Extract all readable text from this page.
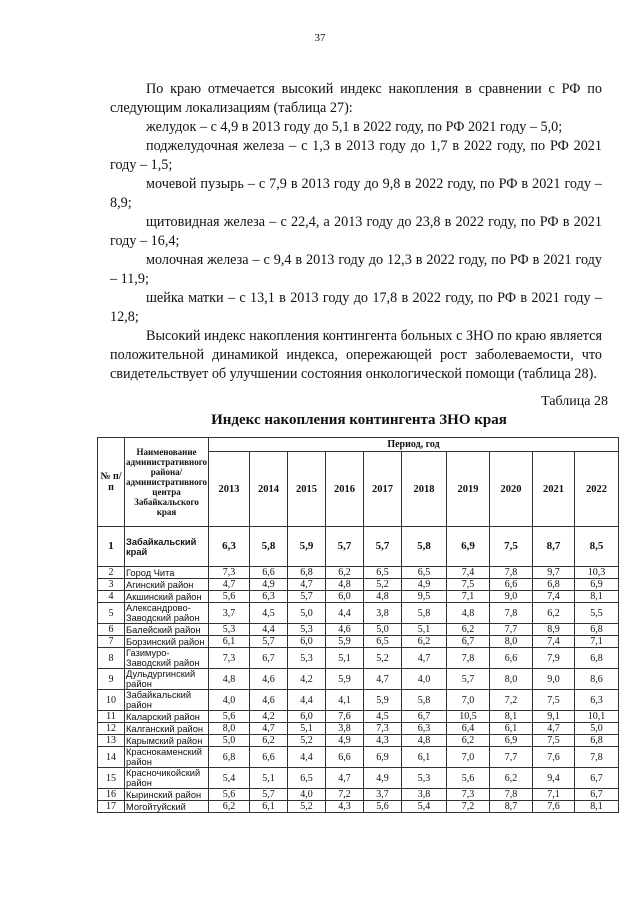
37

По краю отмечается высокий индекс накопления в сравнении с РФ по следующим локализациям (таблица 27):

желудок – с 4,9 в 2013 году до 5,1 в 2022 году, по РФ 2021 году – 5,0;

поджелудочная железа – с 1,3 в 2013 году до 1,7 в 2022 году, по РФ 2021 году – 1,5;

мочевой пузырь – с 7,9 в 2013 году до 9,8 в 2022 году, по РФ в 2021 году – 8,9;

щитовидная железа – с 22,4, а 2013 году до 23,8 в 2022 году, по РФ в 2021 году – 16,4;

молочная железа – с 9,4 в 2013 году до 12,3 в 2022 году, по РФ в 2021 году – 11,9;

шейка матки – с 13,1 в 2013 году до 17,8 в 2022 году, по РФ в 2021 году – 12,8;

Высокий индекс накопления контингента больных с ЗНО по краю является положительной динамикой индекса, опережающей рост заболеваемости, что свидетельствует об улучшении состояния онкологической помощи (таблица 28).

Таблица 28
Индекс накопления контингента ЗНО края
№ п/п	Наименование административного района/ административного центра Забайкальского края	Период, год									
		2013	2014	2015	2016	2017	2018	2019	2020	2021	2022
1	Забайкальский край	6,3	5,8	5,9	5,7	5,7	5,8	6,9	7,5	8,7	8,5
2	Город Чита	7,3	6,6	6,8	6,2	6,5	6,5	7,4	7,8	9,7	10,3
3	Агинский район	4,7	4,9	4,7	4,8	5,2	4,9	7,5	6,6	6,8	6,9
4	Акшинский район	5,6	6,3	5,7	6,0	4,8	9,5	7,1	9,0	7,4	8,1
5	Александрово-Заводский район	3,7	4,5	5,0	4,4	3,8	5,8	4,8	7,8	6,2	5,5
6	Балейский район	5,3	4,4	5,3	4,6	5,0	5,1	6,2	7,7	8,9	6,8
7	Борзинский район	6,1	5,7	6,0	5,9	6,5	6,2	6,7	8,0	7,4	7,1
8	Газимуро-Заводский район	7,3	6,7	5,3	5,1	5,2	4,7	7,8	6,6	7,9	6,8
9	Дульдургинский район	4,8	4,6	4,2	5,9	4,7	4,0	5,7	8,0	9,0	8,6
10	Забайкальский район	4,0	4,6	4,4	4,1	5,9	5,8	7,0	7,2	7,5	6,3
11	Каларский район	5,6	4,2	6,0	7,6	4,5	6,7	10,5	8,1	9,1	10,1
12	Калганский район	8,0	4,7	5,1	3,8	7,3	6,3	6,4	6,1	4,7	5,0
13	Карымский район	5,0	6,2	5,2	4,9	4,3	4,8	6,2	6,9	7,5	6,8
14	Краснокаменский район	6,8	6,6	4,4	6,6	6,9	6,1	7,0	7,7	7,6	7,8
15	Красночикойский район	5,4	5,1	6,5	4,7	4,9	5,3	5,6	6,2	9,4	6,7
16	Кыринский район	5,6	5,7	4,0	7,2	3,7	3,8	7,3	7,8	7,1	6,7
17	Могойтуйский	6,2	6,1	5,2	4,3	5,6	5,4	7,2	8,7	7,6	8,1
